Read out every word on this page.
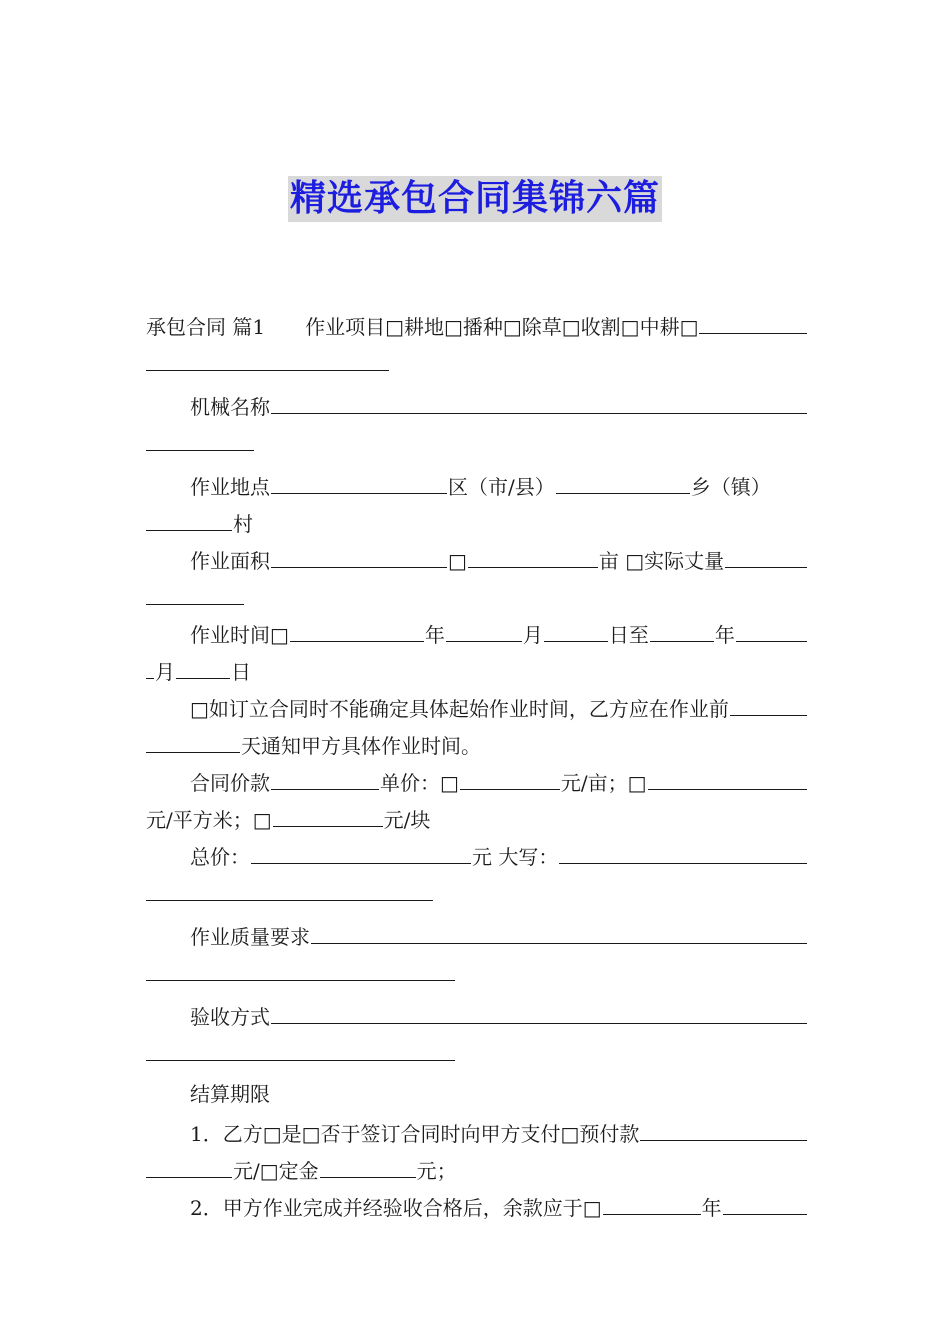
精选承包合同集锦六篇
承包合同 篇1 作业项目 □耕地□播种□除草□收割□中耕□
机械名称
作业地点	区（市/县）	乡（镇）
村
作业面积	□	亩 □实际丈量
作业时间□	年	月	日至	年
月	日
□如订立合同时不能确定具体起始作业时间，乙方应在作业前
天通知甲方具体作业时间。
合同价款	单价：□	元/亩；□
元/平方米；□	元/块
总价：	元 大写：
作业质量要求
验收方式
结算期限
1．乙方□是□否于签订合同时向甲方支付□预付款
元/□定金	元；
2．甲方作业完成并经验收合格后，余款应于□	年
